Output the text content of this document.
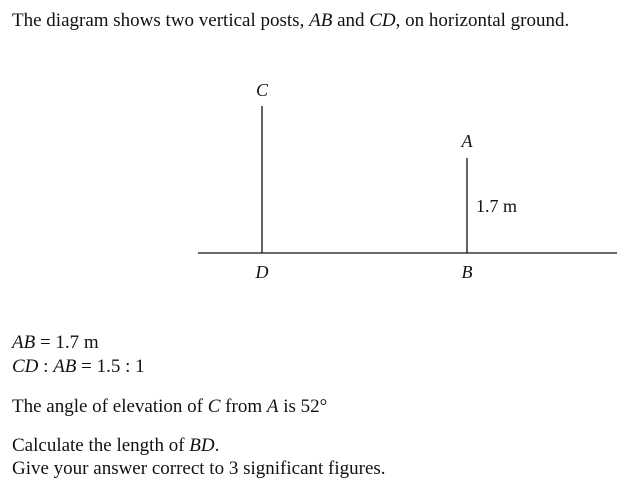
The diagram shows two vertical posts, AB and CD, on horizontal ground.
C
D
A
B
1.7 m
AB = 1.7 m
CD : AB = 1.5 : 1
The angle of elevation of C from A is 52°
Calculate the length of BD.
Give your answer correct to 3 significant figures.
